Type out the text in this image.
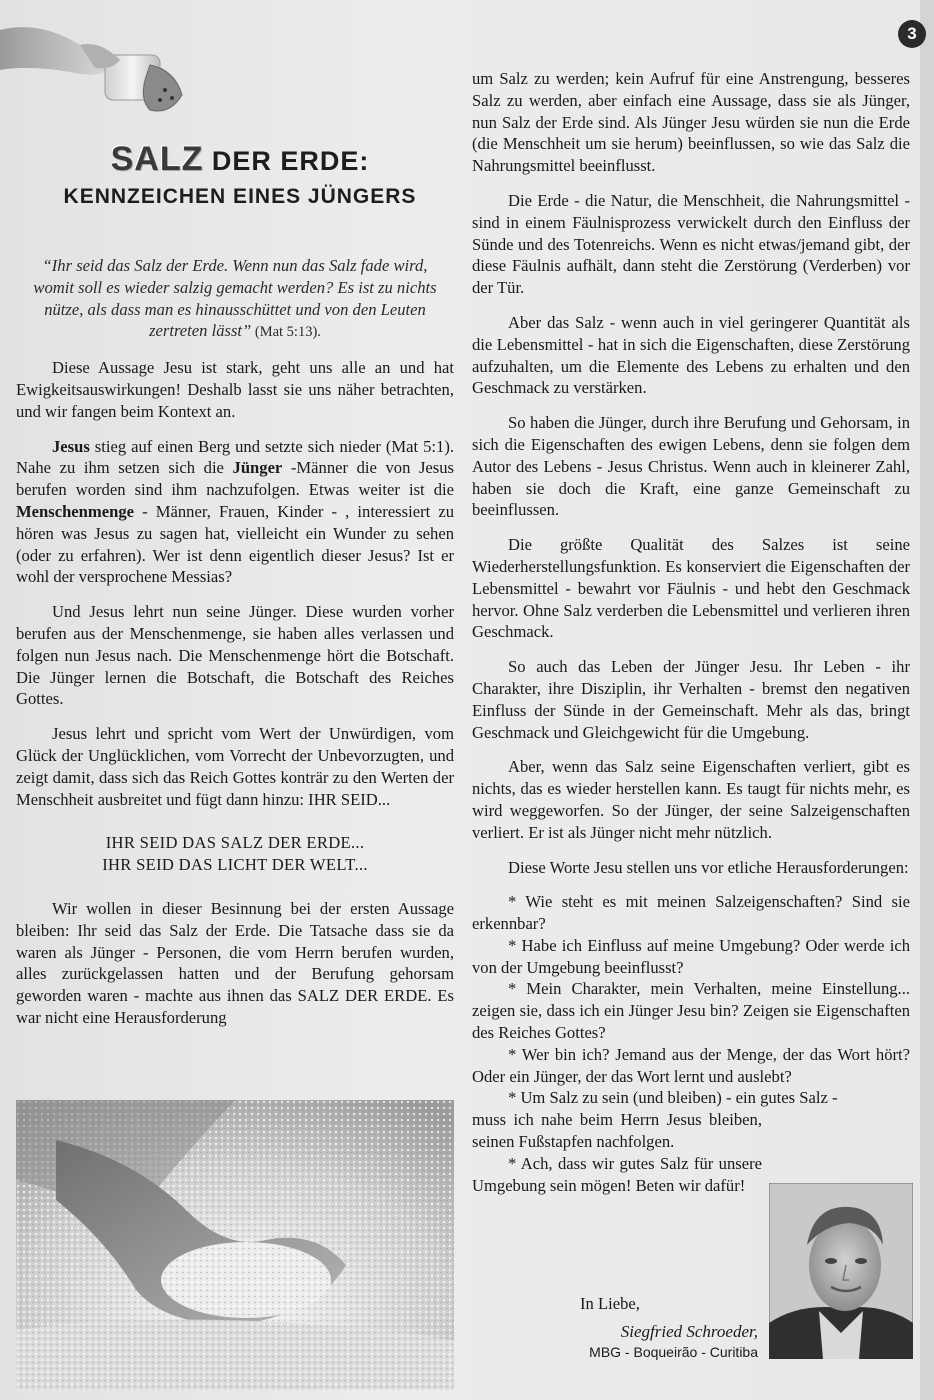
3
SALZ DER ERDE:
KENNZEICHEN EINES JÜNGERS

“Ihr seid das Salz der Erde. Wenn nun das Salz fade wird, womit soll es wieder salzig gemacht werden? Es ist zu nichts nütze, als dass man es hinausschüttet und von den Leuten zertreten lässt” (Mat 5:13).

Diese Aussage Jesu ist stark, geht uns alle an und hat Ewigkeitsauswirkungen! Deshalb lasst sie uns näher betrachten, und wir fangen beim Kontext an.

Jesus stieg auf einen Berg und setzte sich nieder (Mat 5:1). Nahe zu ihm setzen sich die Jünger -Männer die von Jesus berufen worden sind ihm nachzufolgen. Etwas weiter ist die Menschenmenge - Männer, Frauen, Kinder - , interessiert zu hören was Jesus zu sagen hat, vielleicht ein Wunder zu sehen (oder zu erfahren). Wer ist denn eigentlich dieser Jesus? Ist er wohl der versprochene Messias?

Und Jesus lehrt nun seine Jünger. Diese wurden vorher berufen aus der Menschenmenge, sie haben alles verlassen und folgen nun Jesus nach. Die Menschenmenge hört die Botschaft. Die Jünger lernen die Botschaft, die Botschaft des Reiches Gottes.

Jesus lehrt und spricht vom Wert der Unwürdigen, vom Glück der Unglücklichen, vom Vorrecht der Unbevorzugten, und zeigt damit, dass sich das Reich Gottes konträr zu den Werten der Menschheit ausbreitet und fügt dann hinzu: IHR SEID...

IHR SEID DAS SALZ DER ERDE...
IHR SEID DAS LICHT DER WELT...

Wir wollen in dieser Besinnung bei der ersten Aussage bleiben: Ihr seid das Salz der Erde. Die Tatsache dass sie da waren als Jünger - Personen, die vom Herrn berufen wurden, alles zurückgelassen hatten und der Berufung gehorsam geworden waren - machte aus ihnen das SALZ DER ERDE. Es war nicht eine Herausforderung

um Salz zu werden; kein Aufruf für eine Anstrengung, besseres Salz zu werden, aber einfach eine Aussage, dass sie als Jünger, nun Salz der Erde sind. Als Jünger Jesu würden sie nun die Erde (die Menschheit um sie herum) beeinflussen, so wie das Salz die Nahrungsmittel beeinflusst.

Die Erde - die Natur, die Menschheit, die Nahrungsmittel - sind in einem Fäulnisprozess verwickelt durch den Einfluss der Sünde und des Totenreichs. Wenn es nicht etwas/jemand gibt, der diese Fäulnis aufhält, dann steht die Zerstörung (Verderben) vor der Tür.

Aber das Salz - wenn auch in viel geringerer Quantität als die Lebensmittel - hat in sich die Eigenschaften, diese Zerstörung aufzuhalten, um die Elemente des Lebens zu erhalten und den Geschmack zu verstärken.

So haben die Jünger, durch ihre Berufung und Gehorsam, in sich die Eigenschaften des ewigen Lebens, denn sie folgen dem Autor des Lebens - Jesus Christus. Wenn auch in kleinerer Zahl, haben sie doch die Kraft, eine ganze Gemeinschaft zu beeinflussen.

Die größte Qualität des Salzes ist seine Wiederherstellungsfunktion. Es konserviert die Eigenschaften der Lebensmittel - bewahrt vor Fäulnis - und hebt den Geschmack hervor. Ohne Salz verderben die Lebensmittel und verlieren ihren Geschmack.

So auch das Leben der Jünger Jesu. Ihr Leben - ihr Charakter, ihre Disziplin, ihr Verhalten - bremst den negativen Einfluss der Sünde in der Gemeinschaft. Mehr als das, bringt Geschmack und Gleichgewicht für die Umgebung.

Aber, wenn das Salz seine Eigenschaften verliert, gibt es nichts, das es wieder herstellen kann. Es taugt für nichts mehr, es wird weggeworfen. So der Jünger, der seine Salzeigenschaften verliert. Er ist als Jünger nicht mehr nützlich.

Diese Worte Jesu stellen uns vor etliche Herausforderungen:

* Wie steht es mit meinen Salzeigenschaften? Sind sie erkennbar?

* Habe ich Einfluss auf meine Umgebung? Oder werde ich von der Umgebung beeinflusst?

* Mein Charakter, mein Verhalten, meine Einstellung... zeigen sie, dass ich ein Jünger Jesu bin? Zeigen sie Eigenschaften des Reiches Gottes?

* Wer bin ich? Jemand aus der Menge, der das Wort hört? Oder ein Jünger, der das Wort lernt und auslebt?

* Um Salz zu sein (und bleiben) - ein gutes Salz -

muss ich nahe beim Herrn Jesus bleiben, seinen Fußstapfen nachfolgen.

* Ach, dass wir gutes Salz für unsere Umgebung sein mögen! Beten wir dafür!

In Liebe,
Siegfried Schroeder,
MBG - Boqueirão - Curitiba
